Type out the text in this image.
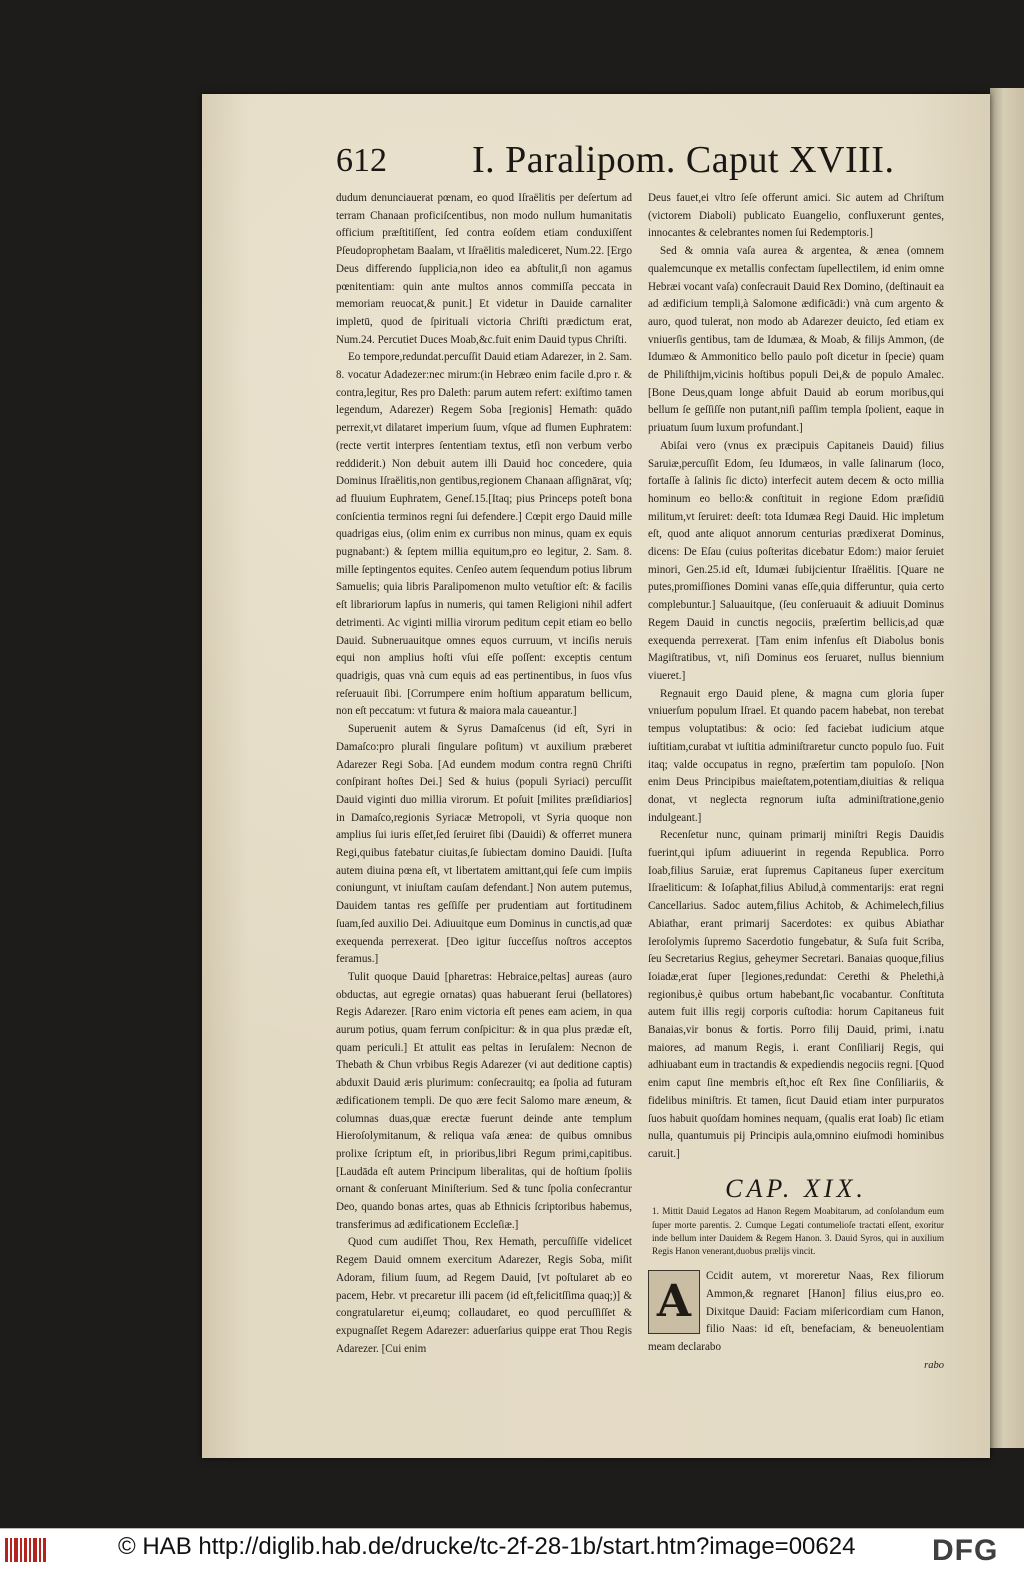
612 I. Paralipom. Caput XVIII.

dudum denunciauerat pœnam, eo quod Iſraëlitis per deſertum ad terram Chanaan proficiſcentibus, non modo nullum humanitatis officium præſtitiſſent, ſed contra eoſdem etiam conduxiſſent Pſeudoprophetam Baalam, vt Iſraëlitis malediceret, Num.22. [Ergo Deus differendo ſupplicia,non ideo ea abſtulit,ſi non agamus pœnitentiam: quin ante multos annos commiſſa peccata in memoriam reuocat,& punit.] Et videtur in Dauide carnaliter impletū, quod de ſpirituali victoria Chriſti prædictum erat, Num.24. Percutiet Duces Moab,&c.fuit enim Dauid typus Chriſti.

Eo tempore,redundat.percuſſit Dauid etiam Adarezer, in 2. Sam. 8. vocatur Adadezer:nec mirum:(in Hebræo enim facile d.pro r. & contra,legitur, Res pro Daleth: parum autem refert: exiſtimo tamen legendum, Adarezer) Regem Soba [regionis] Hemath: quādo perrexit,vt dilataret imperium ſuum, vſque ad flumen Euphratem: (recte vertit interpres ſententiam textus, etſi non verbum verbo reddiderit.) Non debuit autem illi Dauid hoc concedere, quia Dominus Iſraëlitis,non gentibus,regionem Chanaan aſſignārat, vſq; ad fluuium Euphratem, Geneſ.15.[Itaq; pius Princeps poteſt bona conſcientia terminos regni ſui defendere.] Cœpit ergo Dauid mille quadrigas eius, (olim enim ex curribus non minus, quam ex equis pugnabant:) & ſeptem millia equitum,pro eo legitur, 2. Sam. 8. mille ſeptingentos equites. Cenſeo autem ſequendum potius librum Samuelis; quia libris Paralipomenon multo vetuſtior eſt: & facilis eſt librariorum lapſus in numeris, qui tamen Religioni nihil adfert detrimenti. Ac viginti millia virorum peditum cepit etiam eo bello Dauid. Subneruauitque omnes equos curruum, vt inciſis neruis equi non amplius hoſti vſui eſſe poſſent: exceptis centum quadrigis, quas vnà cum equis ad eas pertinentibus, in ſuos vſus reſeruauit ſibi. [Corrumpere enim hoſtium apparatum bellicum, non eſt peccatum: vt futura & maiora mala caueantur.]

Superuenit autem & Syrus Damaſcenus (id eſt, Syri in Damaſco:pro plurali ſingulare poſitum) vt auxilium præberet Adarezer Regi Soba. [Ad eundem modum contra regnū Chriſti conſpirant hoſtes Dei.] Sed & huius (populi Syriaci) percuſſit Dauid viginti duo millia virorum. Et poſuit [milites præſidiarios] in Damaſco,regionis Syriacæ Metropoli, vt Syria quoque non amplius ſui iuris eſſet,ſed ſeruiret ſibi (Dauidi) & offerret munera Regi,quibus fatebatur ciuitas,ſe ſubiectam domino Dauidi. [Iuſta autem diuina pœna eſt, vt libertatem amittant,qui ſeſe cum impiis coniungunt, vt iniuſtam cauſam defendant.] Non autem putemus, Dauidem tantas res geſſiſſe per prudentiam aut fortitudinem ſuam,ſed auxilio Dei. Adiuuitque eum Dominus in cunctis,ad quæ exequenda perrexerat. [Deo igitur ſucceſſus noſtros acceptos feramus.]

Tulit quoque Dauid [pharetras: Hebraice,peltas] aureas (auro obductas, aut egregie ornatas) quas habuerant ſerui (bellatores) Regis Adarezer. [Raro enim victoria eſt penes eam aciem, in qua aurum potius, quam ferrum conſpicitur: & in qua plus prædæ eſt, quam periculi.] Et attulit eas peltas in Ieruſalem: Necnon de Thebath & Chun vrbibus Regis Adarezer (vi aut deditione captis) abduxit Dauid æris plurimum: conſecrauitq; ea ſpolia ad futuram ædificationem templi. De quo ære fecit Salomo mare æneum, & columnas duas,quæ erectæ fuerunt deinde ante templum Hieroſolymitanum, & reliqua vaſa ænea: de quibus omnibus prolixe ſcriptum eſt, in prioribus,libri Regum primi,capitibus. [Laudāda eſt autem Principum liberalitas, qui de hoſtium ſpoliis ornant & conſeruant Miniſterium. Sed & tunc ſpolia conſecrantur Deo, quando bonas artes, quas ab Ethnicis ſcriptoribus habemus, transferimus ad ædificationem Eccleſiæ.]

Quod cum audiſſet Thou, Rex Hemath, percuſſiſſe videlicet Regem Dauid omnem exercitum Adarezer, Regis Soba, miſit Adoram, filium ſuum, ad Regem Dauid, [vt poſtularet ab eo pacem, Hebr. vt precaretur illi pacem (id eſt,felicitſſima quaq;)] & congratularetur ei,eumq; collaudaret, eo quod percuſſiſſet & expugnaſſet Regem Adarezer: aduerſarius quippe erat Thou Regis Adarezer. [Cui enim

Deus fauet,ei vltro ſeſe offerunt amici. Sic autem ad Chriſtum (victorem Diaboli) publicato Euangelio, confluxerunt gentes, innocantes & celebrantes nomen ſui Redemptoris.]

Sed & omnia vaſa aurea & argentea, & ænea (omnem qualemcunque ex metallis confectam ſupellectilem, id enim omne Hebræi vocant vaſa) conſecrauit Dauid Rex Domino, (deſtinauit ea ad ædificium templi,à Salomone ædificādi:) vnà cum argento & auro, quod tulerat, non modo ab Adarezer deuicto, ſed etiam ex vniuerſis gentibus, tam de Idumæa, & Moab, & filijs Ammon, (de Idumæo & Ammonitico bello paulo poſt dicetur in ſpecie) quam de Philiſthijm,vicinis hoſtibus populi Dei,& de populo Amalec. [Bone Deus,quam longe abfuit Dauid ab eorum moribus,qui bellum ſe geſſiſſe non putant,niſi paſſim templa ſpolient, eaque in priuatum ſuum luxum profundant.]

Abiſai vero (vnus ex præcipuis Capitaneis Dauid) filius Saruiæ,percuſſit Edom, ſeu Idumæos, in valle ſalinarum (loco, fortaſſe à ſalinis ſic dicto) interfecit autem decem & octo millia hominum eo bello:& conſtituit in regione Edom præſidiū militum,vt ſeruiret: deeſt: tota Idumæa Regi Dauid. Hic impletum eſt, quod ante aliquot annorum centurias prædixerat Dominus, dicens: De Eſau (cuius poſteritas dicebatur Edom:) maior ſeruiet minori, Gen.25.id eſt, Idumæi ſubijcientur Iſraëlitis. [Quare ne putes,promiſſiones Domini vanas eſſe,quia differuntur, quia certo complebuntur.] Saluauitque, (ſeu conſeruauit & adiuuit Dominus Regem Dauid in cunctis negociis, præſertim bellicis,ad quæ exequenda perrexerat. [Tam enim infenſus eſt Diabolus bonis Magiſtratibus, vt, niſi Dominus eos ſeruaret, nullus biennium viueret.]

Regnauit ergo Dauid plene, & magna cum gloria ſuper vniuerſum populum Iſrael. Et quando pacem habebat, non terebat tempus voluptatibus: & ocio: ſed faciebat iudicium atque iuſtitiam,curabat vt iuſtitia adminiſtraretur cuncto populo ſuo. Fuit itaq; valde occupatus in regno, præſertim tam populoſo. [Non enim Deus Principibus maieſtatem,potentiam,diuitias & reliqua donat, vt neglecta regnorum iuſta adminiſtratione,genio indulgeant.]

Recenſetur nunc, quinam primarij miniſtri Regis Dauidis fuerint,qui ipſum adiuuerint in regenda Republica. Porro Ioab,filius Saruiæ, erat ſupremus Capitaneus ſuper exercitum Iſraeliticum: & Ioſaphat,filius Abilud,à commentarijs: erat regni Cancellarius. Sadoc autem,filius Achitob, & Achimelech,filius Abiathar, erant primarij Sacerdotes: ex quibus Abiathar Ieroſolymis ſupremo Sacerdotio fungebatur, & Suſa fuit Scriba, ſeu Secretarius Regius, geheymer Secretari. Banaias quoque,filius Ioiadæ,erat ſuper [legiones,redundat: Cerethi & Phelethi,à regionibus,è quibus ortum habebant,ſic vocabantur. Conſtituta autem fuit illis regij corporis cuſtodia: horum Capitaneus fuit Banaias,vir bonus & fortis. Porro filij Dauid, primi, i.natu maiores, ad manum Regis, i. erant Conſiliarij Regis, qui adhiuabant eum in tractandis & expediendis negociis regni. [Quod enim caput ſine membris eſt,hoc eſt Rex ſine Conſiliariis, & fidelibus miniſtris. Et tamen, ſicut Dauid etiam inter purpuratos ſuos habuit quoſdam homines nequam, (qualis erat Ioab) ſic etiam nulla, quantumuis pij Principis aula,omnino eiuſmodi hominibus caruit.]

CAP. XIX.
1. Mittit Dauid Legatos ad Hanon Regem Moabitarum, ad conſolandum eum ſuper morte parentis. 2. Cumque Legati contumelioſe tractati eſſent, exoritur inde bellum inter Dauidem & Regem Hanon. 3. Dauid Syros, qui in auxilium Regis Hanon venerant,duobus prælijs vincit.
A

Ccidit autem, vt moreretur Naas, Rex filiorum Ammon,& regnaret [Hanon] filius eius,pro eo. Dixitque Dauid: Faciam miſericordiam cum Hanon, filio Naas: id eſt, benefaciam, & beneuolentiam meam declarabo

rabo
© HAB http://diglib.hab.de/drucke/tc-2f-28-1b/start.htm?image=00624	DFG
